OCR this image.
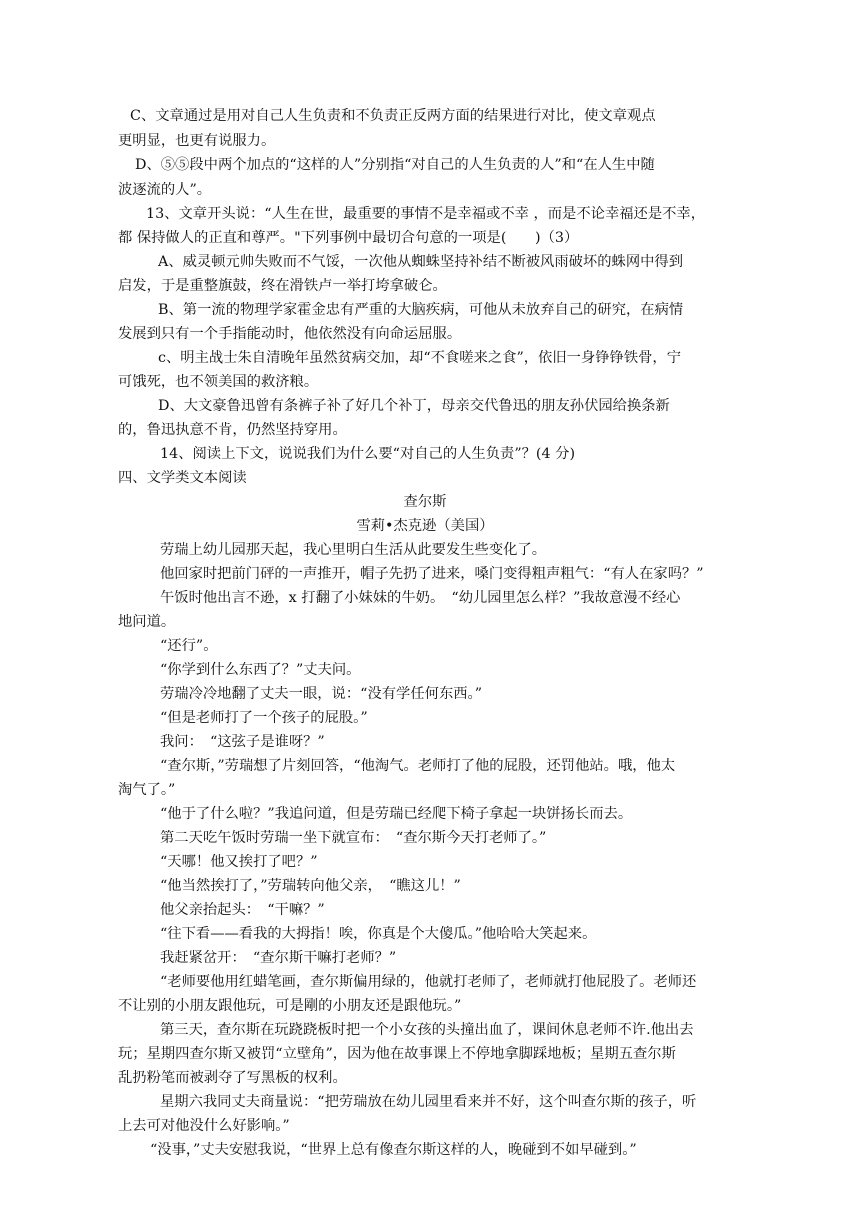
C、文章通过是用对自己人生负责和不负责正反两方面的结果进行对比，使文章观点

更明显，也更有说服力。

D、⑤⑤段中两个加点的“这样的人”分别指“对自己的人生负责的人”和“在人生中随

波逐流的人”。

13、文章开头说：“人生在世，最重要的事情不是幸福或不幸 ，而是不论幸福还是不幸，

都 保持做人的正直和尊严。"下列事例中最切合句意的一项是(　　)（3）

A、威灵顿元帅失败而不气馁，一次他从蜘蛛坚持补结不断被风雨破坏的蛛网中得到

启发，于是重整旗鼓，终在滑铁卢一举打垮拿破仑。

B、第一流的物理学家霍金忠有严重的大脑疾病，可他从未放弃自己的研究，在病情

发展到只有一个手指能动时，他依然没有向命运屈服。

c、明主战士朱自清晚年虽然贫病交加，却“不食嗟来之食”，依旧一身铮铮铁骨，宁

可饿死，也不领美国的救济粮。

D、大文豪鲁迅曾有条裤子补了好几个补丁，母亲交代鲁迅的朋友孙伏园给换条新

的，鲁迅执意不肯，仍然坚持穿用。

14、阅读上下文，说说我们为什么要“对自己的人生负责”？(4 分)

四、文学类文本阅读

查尔斯

雪莉•杰克逊（美国）

劳瑞上幼儿园那天起，我心里明白生活从此要发生些变化了。

他回家时把前门砰的一声推开，帽子先扔了进来，嗓门变得粗声粗气：“有人在家吗？”

午饭时他出言不逊，x 打翻了小妹妹的牛奶。　“幼儿园里怎么样？”我故意漫不经心

地问道。

“还行”。

“你学到什么东西了？”丈夫问。

劳瑞冷冷地翻了丈夫一眼，说：“没有学任何东西。”

“但是老师打了一个孩子的屁股。”

我问：　“这弦子是谁呀？”

“查尔斯，”劳瑞想了片刻回答，“他淘气。老师打了他的屁股，还罚他站。哦，他太

淘气了。”

“他于了什么啦？”我追问道，但是劳瑞已经爬下椅子拿起一块饼扬长而去。

第二天吃午饭时劳瑞一坐下就宣布：　“查尔斯今天打老师了。”

“天哪！他又挨打了吧？”

“他当然挨打了，”劳瑞转向他父亲，　“瞧这儿！”

他父亲抬起头：　“干嘛？”

“往下看——看我的大拇指！唉，你真是个大傻瓜。”他哈哈大笑起来。

我赶紧岔开：　“查尔斯干嘛打老师？”

“老师要他用红蜡笔画，查尔斯偏用绿的，他就打老师了，老师就打他屁股了。老师还

不让别的小朋友跟他玩，可是剛的小朋友还是跟他玩。”

第三天，查尔斯在玩跷跷板时把一个小女孩的头撞出血了，课间休息老师不许.他出去

玩；星期四查尔斯又被罚“立壁角”，因为他在故事课上不停地拿脚踩地板；星期五查尔斯

乱扔粉笔而被剥夺了写黑板的权利。

星期六我同丈夫商量说：“把劳瑞放在幼儿园里看来并不好，这个叫查尔斯的孩子，听

上去可对他没什么好影响。”

“没事，”丈夫安慰我说，“世界上总有像查尔斯这样的人，晚碰到不如早碰到。”
